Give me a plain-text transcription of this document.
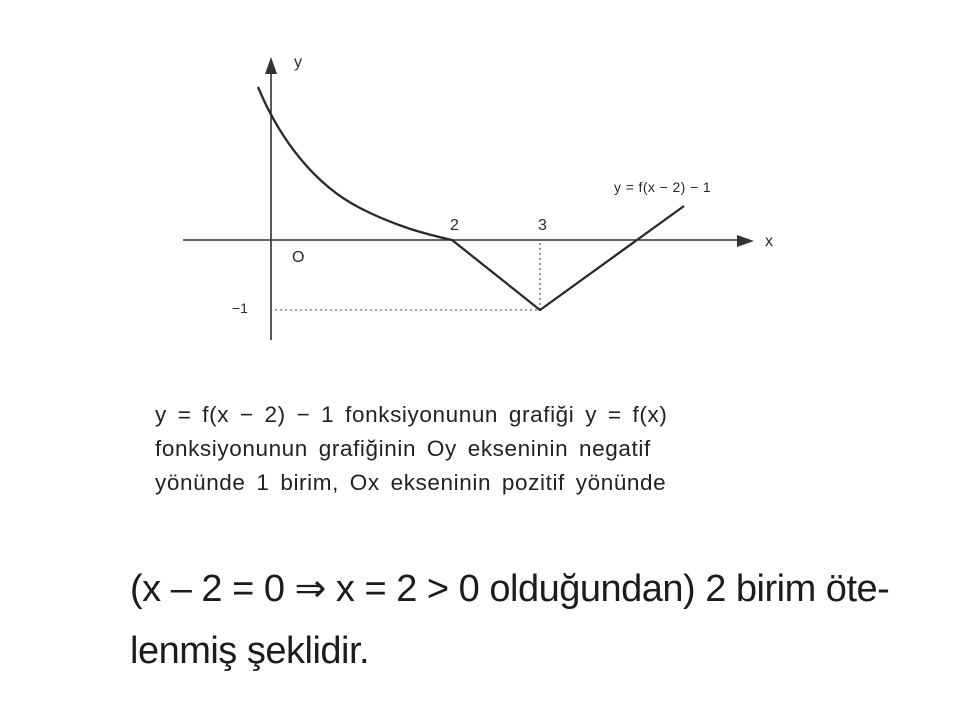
y
x
O
2	3
−1
y = f(x − 2) − 1
y = f(x − 2) − 1 fonksiyonunun grafiği y = f(x)
fonksiyonunun grafiğinin Oy ekseninin negatif
yönünde 1 birim, Ox ekseninin pozitif yönünde
(x – 2 = 0 ⇒ x = 2 > 0 olduğundan) 2 birim öte-
lenmiş şeklidir.
